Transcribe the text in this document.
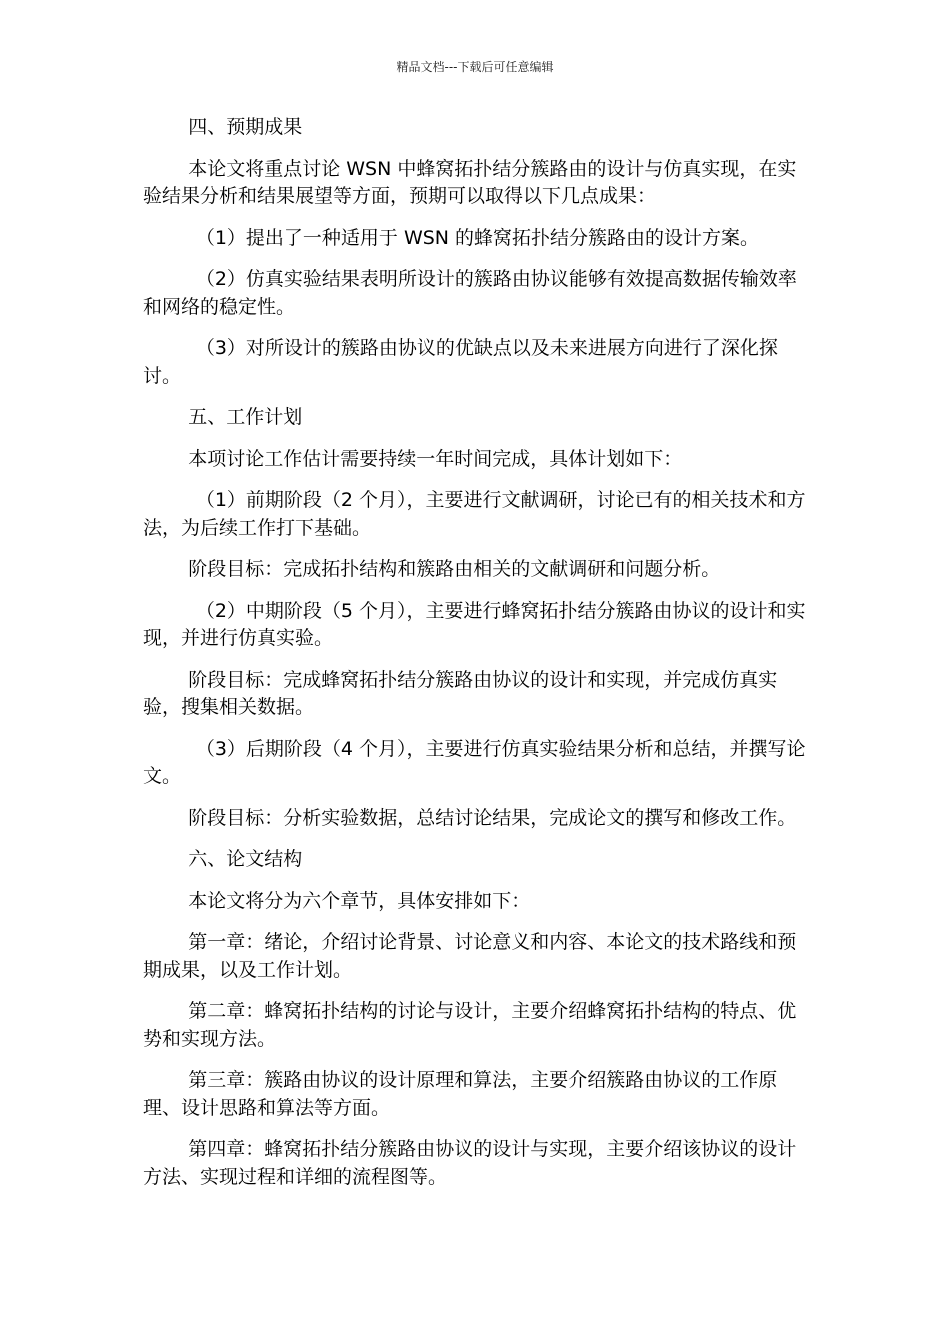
精品文档---下载后可任意编辑

四、预期成果

本论文将重点讨论 WSN 中蜂窝拓扑结分簇路由的设计与仿真实现，在实验结果分析和结果展望等方面，预期可以取得以下几点成果：

（1）提出了一种适用于 WSN 的蜂窝拓扑结分簇路由的设计方案。

（2）仿真实验结果表明所设计的簇路由协议能够有效提高数据传输效率和网络的稳定性。

（3）对所设计的簇路由协议的优缺点以及未来进展方向进行了深化探讨。

五、工作计划

本项讨论工作估计需要持续一年时间完成，具体计划如下：

（1）前期阶段（2 个月），主要进行文献调研，讨论已有的相关技术和方法，为后续工作打下基础。

阶段目标：完成拓扑结构和簇路由相关的文献调研和问题分析。

（2）中期阶段（5 个月），主要进行蜂窝拓扑结分簇路由协议的设计和实现，并进行仿真实验。

阶段目标：完成蜂窝拓扑结分簇路由协议的设计和实现，并完成仿真实验，搜集相关数据。

（3）后期阶段（4 个月），主要进行仿真实验结果分析和总结，并撰写论文。

阶段目标：分析实验数据，总结讨论结果，完成论文的撰写和修改工作。

六、论文结构

本论文将分为六个章节，具体安排如下：

第一章：绪论，介绍讨论背景、讨论意义和内容、本论文的技术路线和预期成果，以及工作计划。

第二章：蜂窝拓扑结构的讨论与设计，主要介绍蜂窝拓扑结构的特点、优势和实现方法。

第三章：簇路由协议的设计原理和算法，主要介绍簇路由协议的工作原理、设计思路和算法等方面。

第四章：蜂窝拓扑结分簇路由协议的设计与实现，主要介绍该协议的设计方法、实现过程和详细的流程图等。
